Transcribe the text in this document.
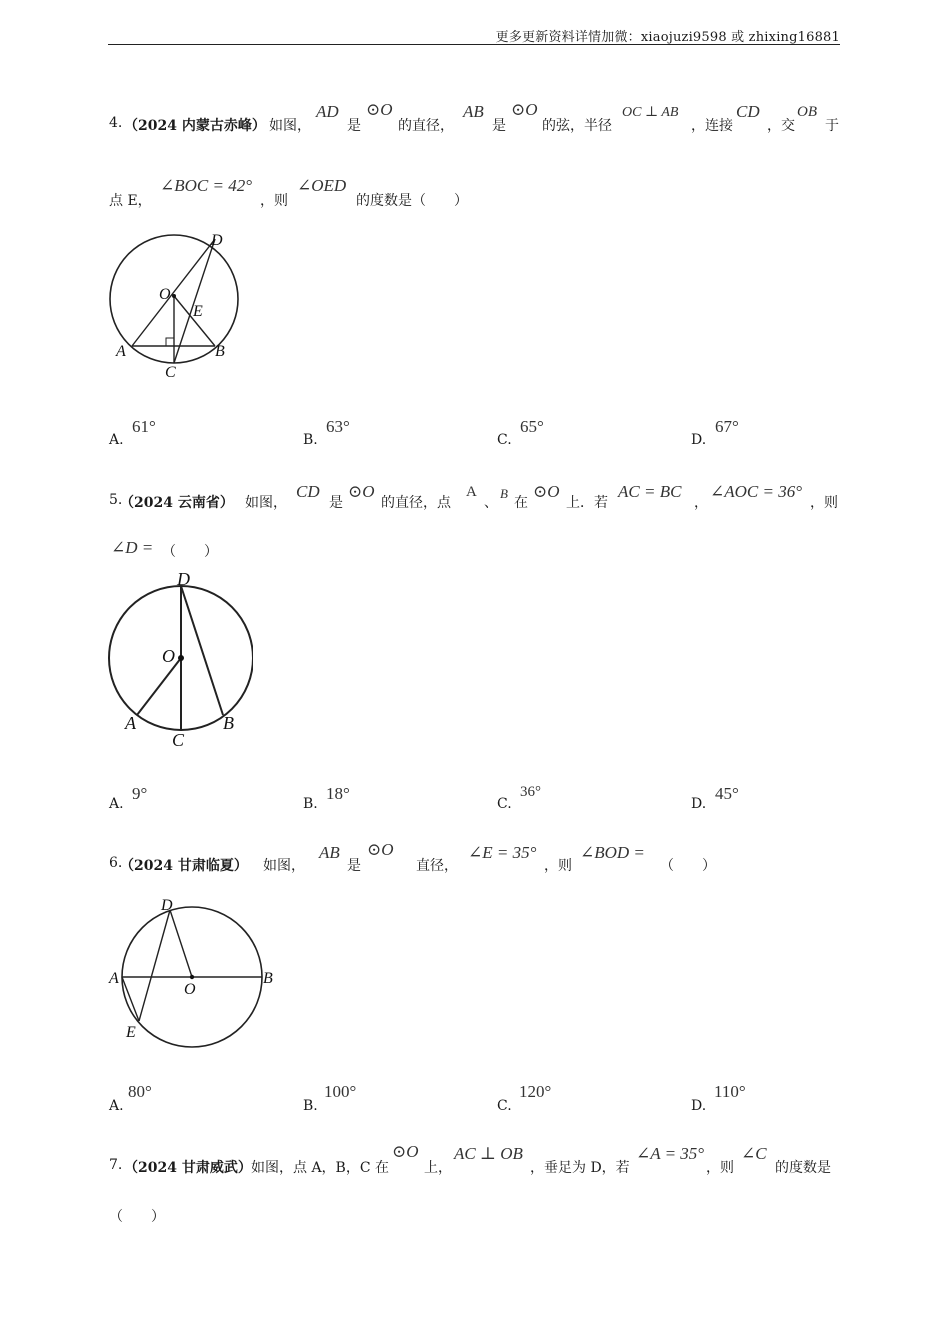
更多更新资料详情加微：xiaojuzi9598 或 zhixing16881
4. （2024 内蒙古赤峰） 如图，
AD
是
⊙O
的直径，
AB
是
⊙O
的弦，半径
OC ⊥ AB
，连接
CD
，交
OB
于
点 E，
∠BOC = 42°
，则
∠OED
的度数是（　　）
D
O
E
A	B
C
A.
61°
B.
63°
C.
65°
D.
67°
5.
（2024 云南省） 如图，
CD
是
⊙O
的直径，点
A
、
B
在
⊙O
上．若
AC = BC
，
∠AOC = 36°
，则
∠D = （　　）
D
O
A	B
C
A.
9°
B.
18°
C.
36°
D.
45°
6.
（2024 甘肃临夏） 如图，
AB
是
⊙O
直径，
∠E = 35°
，则
∠BOD =
（　　）
D
A	B
O
E
A.
80°
B.
100°
C.
120°
D.
110°
7. （2024 甘肃威武） 如图，点 A，B，C 在
⊙O
上，
AC ⊥ OB
，垂足为 D，若
∠A = 35°
，则
∠C
的度数是
（　　）
